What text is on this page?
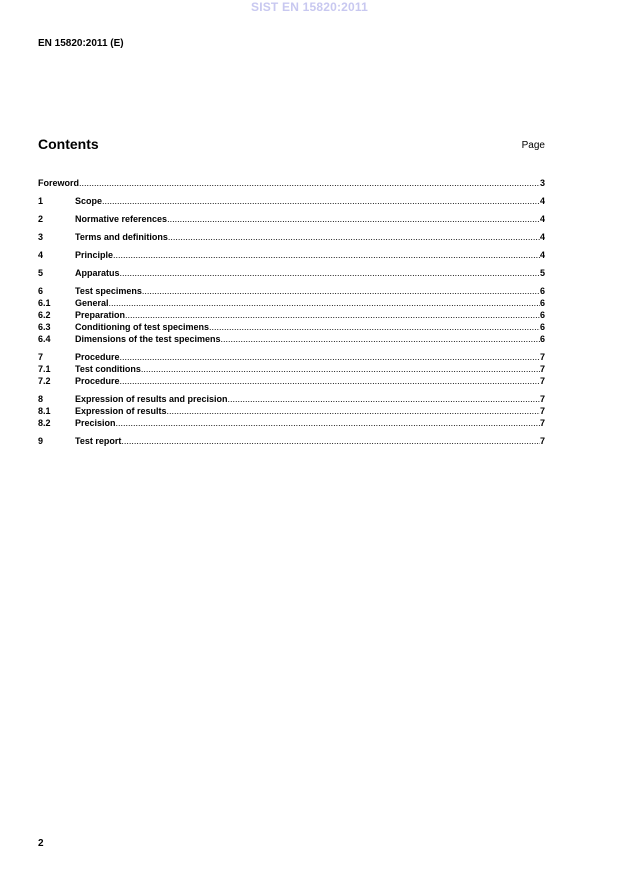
SIST EN 15820:2011
EN 15820:2011 (E)
Contents	Page
Foreword .....	3
1	Scope .....	4
2	Normative references .....	4
3	Terms and definitions .....	4
4	Principle .....	4
5	Apparatus .....	5
6	Test specimens .....	6
6.1	General .....	6
6.2	Preparation .....	6
6.3	Conditioning of test specimens .....	6
6.4	Dimensions of the test specimens .....	6
7	Procedure .....	7
7.1	Test conditions .....	7
7.2	Procedure .....	7
8	Expression of results and precision .....	7
8.1	Expression of results .....	7
8.2	Precision .....	7
9	Test report .....	7
2
